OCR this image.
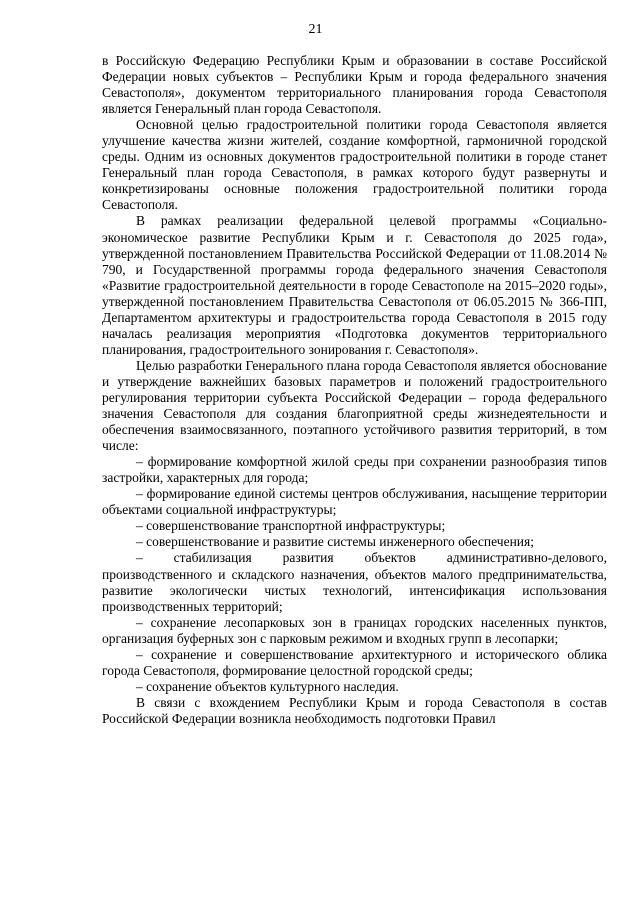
21

в Российскую Федерацию Республики Крым и образовании в составе Российской Федерации новых субъектов – Республики Крым и города федерального значения Севастополя», документом территориального планирования города Севастополя является Генеральный план города Севастополя.

Основной целью градостроительной политики города Севастополя является улучшение качества жизни жителей, создание комфортной, гармоничной городской среды. Одним из основных документов градостроительной политики в городе станет Генеральный план города Севастополя, в рамках которого будут развернуты и конкретизированы основные положения градостроительной политики города Севастополя.

В рамках реализации федеральной целевой программы «Социально-экономическое развитие Республики Крым и г. Севастополя до 2025 года», утвержденной постановлением Правительства Российской Федерации от 11.08.2014 № 790, и Государственной программы города федерального значения Севастополя «Развитие градостроительной деятельности в городе Севастополе на 2015–2020 годы», утвержденной постановлением Правительства Севастополя от 06.05.2015 № 366-ПП, Департаментом архитектуры и градостроительства города Севастополя в 2015 году началась реализация мероприятия «Подготовка документов территориального планирования, градостроительного зонирования г. Севастополя».

Целью разработки Генерального плана города Севастополя является обоснование и утверждение важнейших базовых параметров и положений градостроительного регулирования территории субъекта Российской Федерации – города федерального значения Севастополя для создания благоприятной среды жизнедеятельности и обеспечения взаимосвязанного, поэтапного устойчивого развития территорий, в том числе:

– формирование комфортной жилой среды при сохранении разнообразия типов застройки, характерных для города;

– формирование единой системы центров обслуживания, насыщение территории объектами социальной инфраструктуры;

– совершенствование транспортной инфраструктуры;

– совершенствование и развитие системы инженерного обеспечения;

– стабилизация развития объектов административно-делового, производственного и складского назначения, объектов малого предпринимательства, развитие экологически чистых технологий, интенсификация использования производственных территорий;

– сохранение лесопарковых зон в границах городских населенных пунктов, организация буферных зон с парковым режимом и входных групп в лесопарки;

– сохранение и совершенствование архитектурного и исторического облика города Севастополя, формирование целостной городской среды;

– сохранение объектов культурного наследия.

В связи с вхождением Республики Крым и города Севастополя в состав Российской Федерации возникла необходимость подготовки Правил
